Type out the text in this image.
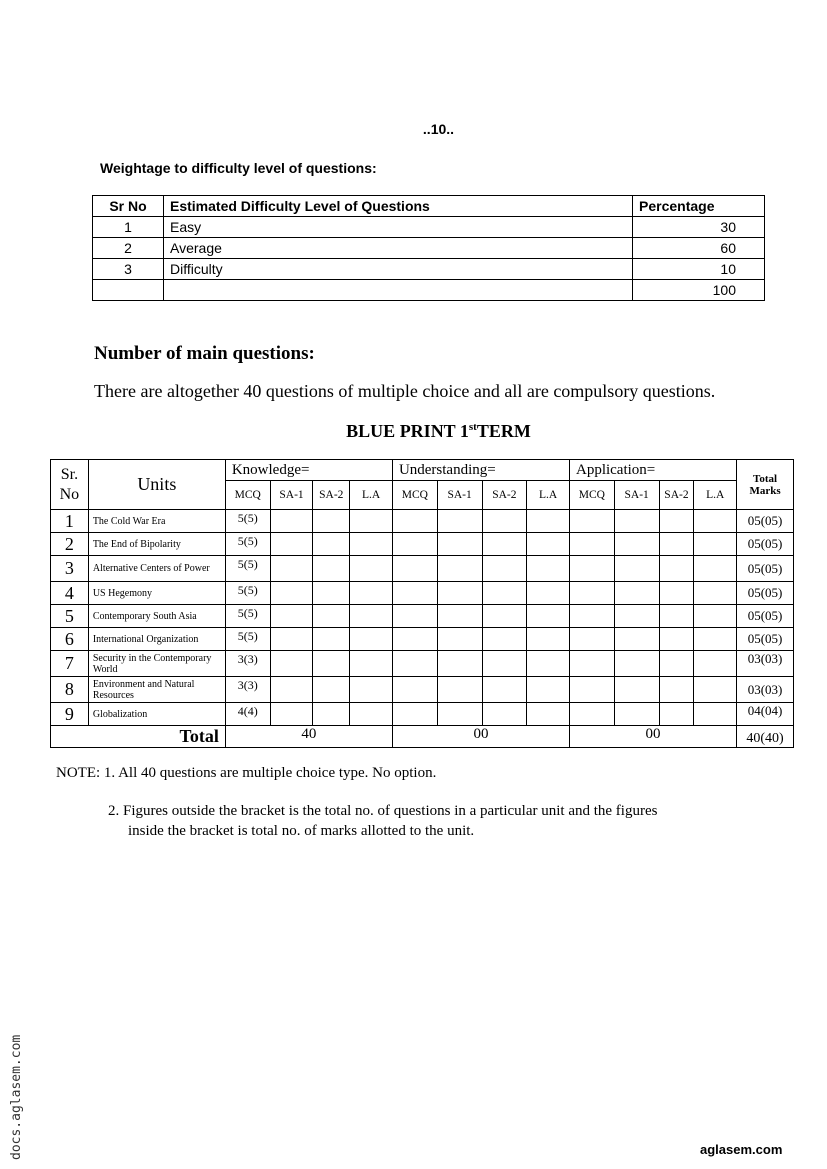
..10..
Weightage to difficulty level of questions:
Sr No	Estimated Difficulty Level of Questions	Percentage
1	Easy	30
2	Average	60
3	Difficulty	10
		100
Number of main questions:
There are altogether 40 questions of multiple choice and all are compulsory questions.
BLUE PRINT 1stTERM
Sr.
No	Units	Knowledge=				Understanding=				Application=				Total
Marks
		MCQ	SA-1	SA-2	L.A	MCQ	SA-1	SA-2	L.A	MCQ	SA-1	SA-2	L.A	
1	The Cold War Era	5(5)												05(05)
2	The End of Bipolarity	5(5)												05(05)
3	Alternative Centers of Power	5(5)												05(05)
4	US Hegemony	5(5)												05(05)
5	Contemporary South Asia	5(5)												05(05)
6	International Organization	5(5)												05(05)
7	Security in the Contemporary World	3(3)												03(03)
8	Environment and Natural Resources	3(3)												03(03)
9	Globalization	4(4)												04(04)
Total		40				00				00				40(40)
NOTE: 1. All 40 questions are multiple choice type. No option.
2. Figures outside the bracket is the total no. of questions in a particular unit and the figures
inside the bracket is total no. of marks allotted to the unit.
docs.aglasem.com	aglasem.com
